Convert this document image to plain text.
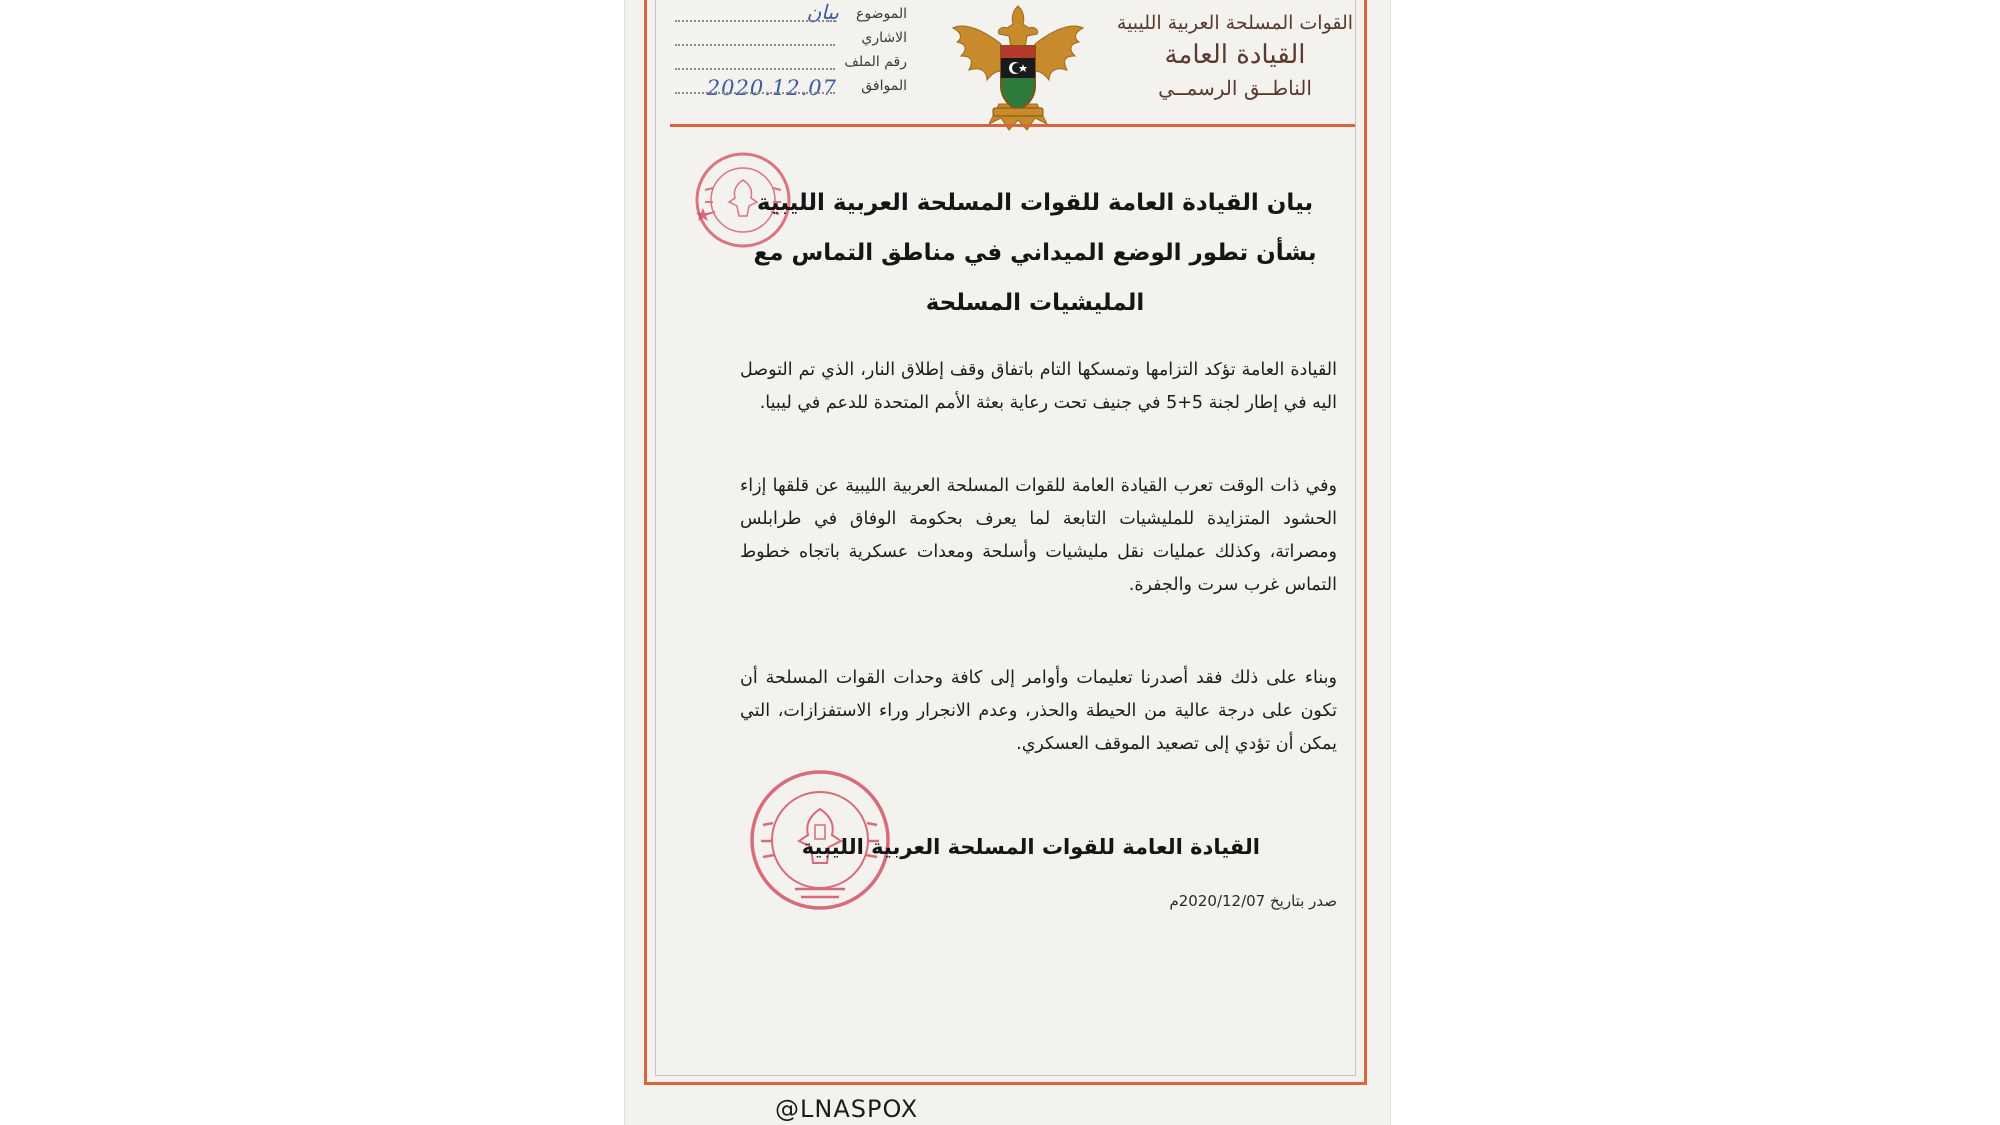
القوات المسلحة العربية الليبية
القيادة العامة
الناطــق الرسمــي
الموضوع
بيان
الاشاري
رقم الملف
الموافق
2020.12.07
بيان القيادة العامة للقوات المسلحة العربية الليبية بشأن تطور الوضع الميداني في مناطق التماس مع المليشيات المسلحة
القيادة العامة تؤكد التزامها وتمسكها التام باتفاق وقف إطلاق النار، الذي تم التوصل اليه في إطار لجنة 5+5 في جنيف تحت رعاية بعثة الأمم المتحدة للدعم في ليبيا.
وفي ذات الوقت تعرب القيادة العامة للقوات المسلحة العربية الليبية عن قلقها إزاء الحشود المتزايدة للمليشيات التابعة لما يعرف بحكومة الوفاق في طرابلس ومصراتة، وكذلك عمليات نقل مليشيات وأسلحة ومعدات عسكرية باتجاه خطوط التماس غرب سرت والجفرة.
وبناء على ذلك فقد أصدرنا تعليمات وأوامر إلى كافة وحدات القوات المسلحة أن تكون على درجة عالية من الحيطة والحذر، وعدم الانجرار وراء الاستفزازات، التي يمكن أن تؤدي إلى تصعيد الموقف العسكري.
القيادة العامة للقوات المسلحة العربية الليبية
صدر بتاريخ 2020/12/07م
@LNASPOX
